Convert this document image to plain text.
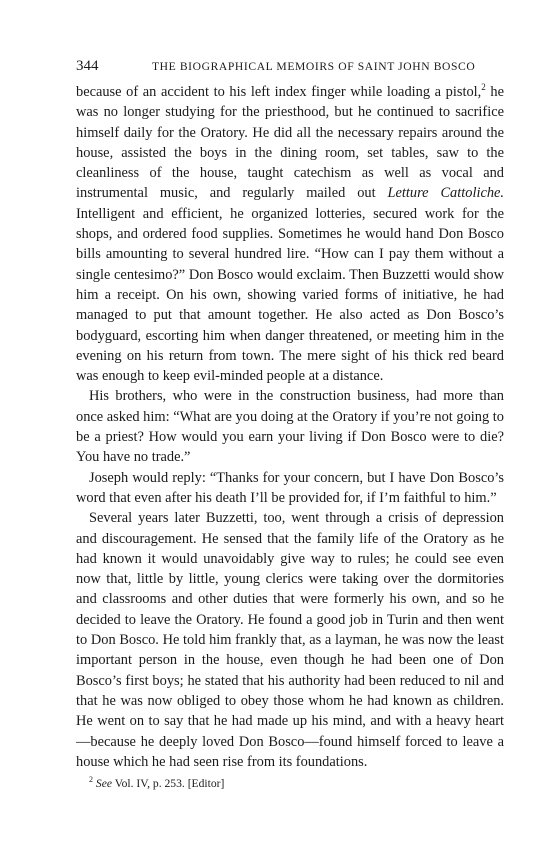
344	THE BIOGRAPHICAL MEMOIRS OF SAINT JOHN BOSCO

because of an accident to his left index finger while loading a pistol,$^2$ he was no longer studying for the priesthood, but he continued to sacrifice himself daily for the Oratory. He did all the necessary repairs around the house, assisted the boys in the dining room, set tables, saw to the cleanliness of the house, taught catechism as well as vocal and instrumental music, and regularly mailed out Letture Cattoliche. Intelligent and efficient, he organized lotteries, secured work for the shops, and ordered food supplies. Sometimes he would hand Don Bosco bills amounting to several hundred lire. “How can I pay them without a single centesimo?” Don Bosco would exclaim. Then Buzzetti would show him a receipt. On his own, showing varied forms of initiative, he had managed to put that amount together. He also acted as Don Bosco’s bodyguard, escorting him when danger threatened, or meeting him in the evening on his return from town. The mere sight of his thick red beard was enough to keep evil-minded people at a distance.

His brothers, who were in the construction business, had more than once asked him: “What are you doing at the Oratory if you’re not going to be a priest? How would you earn your living if Don Bosco were to die? You have no trade.”

Joseph would reply: “Thanks for your concern, but I have Don Bosco’s word that even after his death I’ll be provided for, if I’m faithful to him.”

Several years later Buzzetti, too, went through a crisis of depression and discouragement. He sensed that the family life of the Oratory as he had known it would unavoidably give way to rules; he could see even now that, little by little, young clerics were taking over the dormitories and classrooms and other duties that were formerly his own, and so he decided to leave the Oratory. He found a good job in Turin and then went to Don Bosco. He told him frankly that, as a layman, he was now the least important person in the house, even though he had been one of Don Bosco’s first boys; he stated that his authority had been reduced to nil and that he was now obliged to obey those whom he had known as children. He went on to say that he had made up his mind, and with a heavy heart—because he deeply loved Don Bosco—found himself forced to leave a house which he had seen rise from its foundations.

$^2$ See Vol. IV, p. 253. [Editor]
